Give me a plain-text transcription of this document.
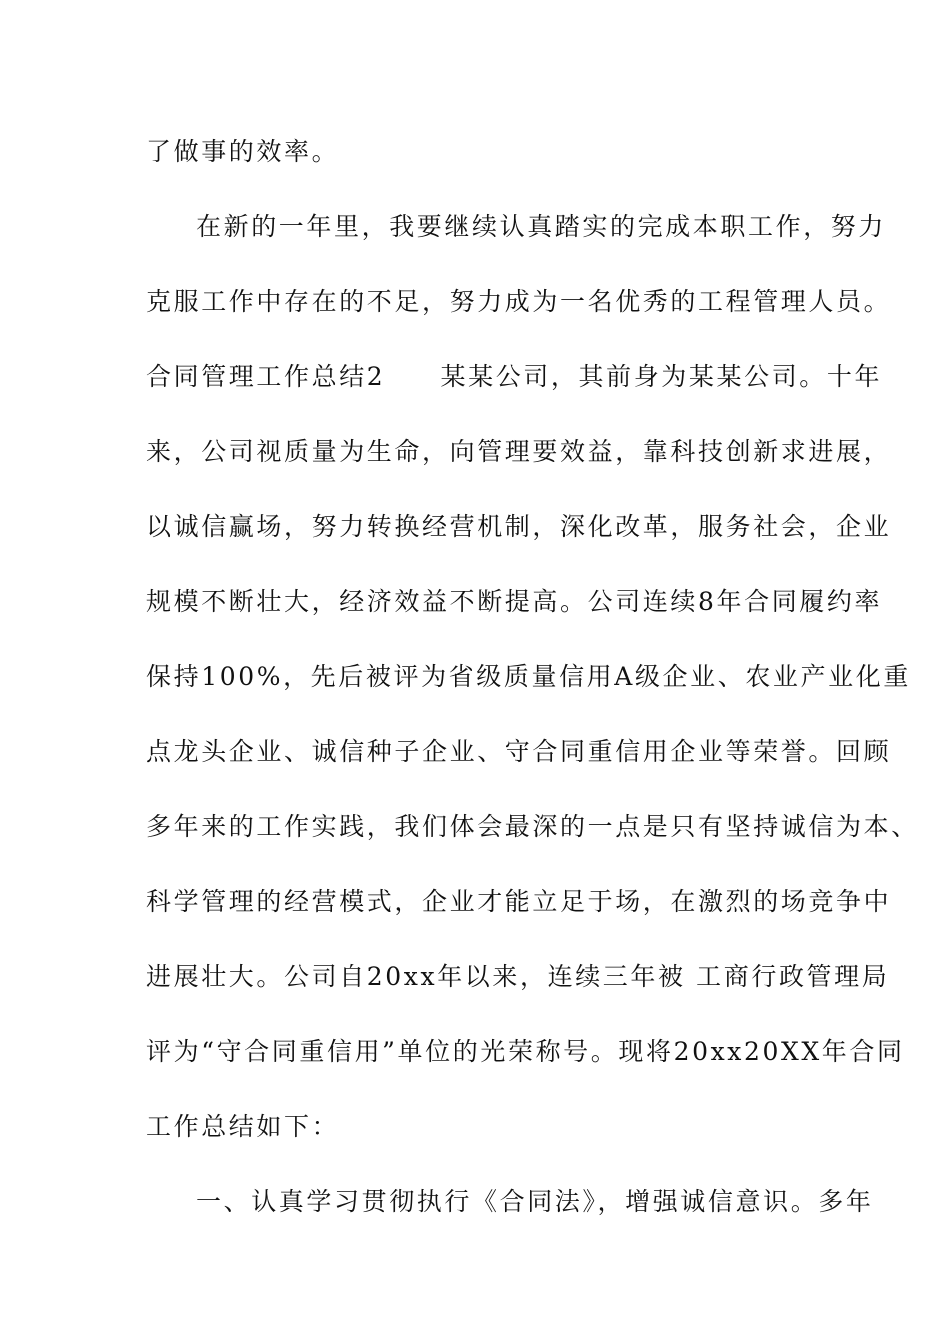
了做事的效率。
在新的一年里，我要继续认真踏实的完成本职工作，努力
克服工作中存在的不足，努力成为一名优秀的工程管理人员。
合同管理工作总结2　　某某公司，其前身为某某公司。十年
来，公司视质量为生命，向管理要效益，靠科技创新求进展，
以诚信赢场，努力转换经营机制，深化改革，服务社会，企业
规模不断壮大，经济效益不断提高。公司连续8年合同履约率
保持100%，先后被评为省级质量信用A级企业、农业产业化重
点龙头企业、诚信种子企业、守合同重信用企业等荣誉。回顾
多年来的工作实践，我们体会最深的一点是只有坚持诚信为本、
科学管理的经营模式，企业才能立足于场，在激烈的场竞争中
进展壮大。公司自20xx年以来，连续三年被 工商行政管理局
评为“守合同重信用”单位的光荣称号。现将20xx20XX年合同
工作总结如下：
一、认真学习贯彻执行《合同法》，增强诚信意识。多年
